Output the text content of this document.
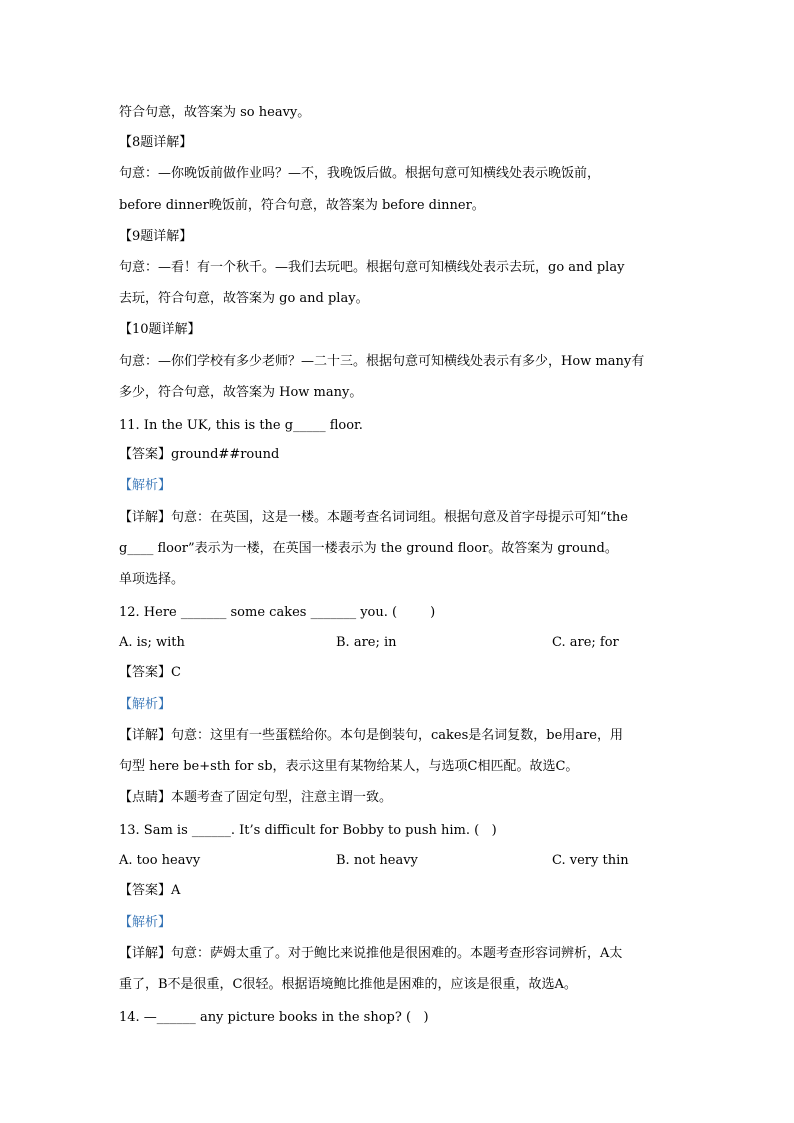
符合句意，故答案为 so heavy。
【8题详解】
句意：—你晚饭前做作业吗？—不，我晚饭后做。根据句意可知横线处表示晚饭前，
before dinner晚饭前，符合句意，故答案为 before dinner。
【9题详解】
句意：—看！有一个秋千。—我们去玩吧。根据句意可知横线处表示去玩，go and play
去玩，符合句意，故答案为 go and play。
【10题详解】
句意：—你们学校有多少老师？—二十三。根据句意可知横线处表示有多少，How many有
多少，符合句意，故答案为 How many。
11. In the UK, this is the g_____ floor.
【答案】ground##round
【解析】
【详解】句意：在英国，这是一楼。本题考查名词词组。根据句意及首字母提示可知“the
g____ floor”表示为一楼，在英国一楼表示为 the ground floor。故答案为 ground。
单项选择。
12. Here _______ some cakes _______ you. (        )
A. is; with	B. are; in	C. are; for
【答案】C
【解析】
【详解】句意：这里有一些蛋糕给你。本句是倒装句，cakes是名词复数，be用are，用
句型 here be+sth for sb，表示这里有某物给某人，与选项C相匹配。故选C。
【点睛】本题考查了固定句型，注意主谓一致。
13. Sam is ______. It’s difficult for Bobby to push him. (   )
A. too heavy	B. not heavy	C. very thin
【答案】A
【解析】
【详解】句意：萨姆太重了。对于鲍比来说推他是很困难的。本题考查形容词辨析，A太
重了，B不是很重，C很轻。根据语境鲍比推他是困难的，应该是很重，故选A。
14. —______ any picture books in the shop? (   )
